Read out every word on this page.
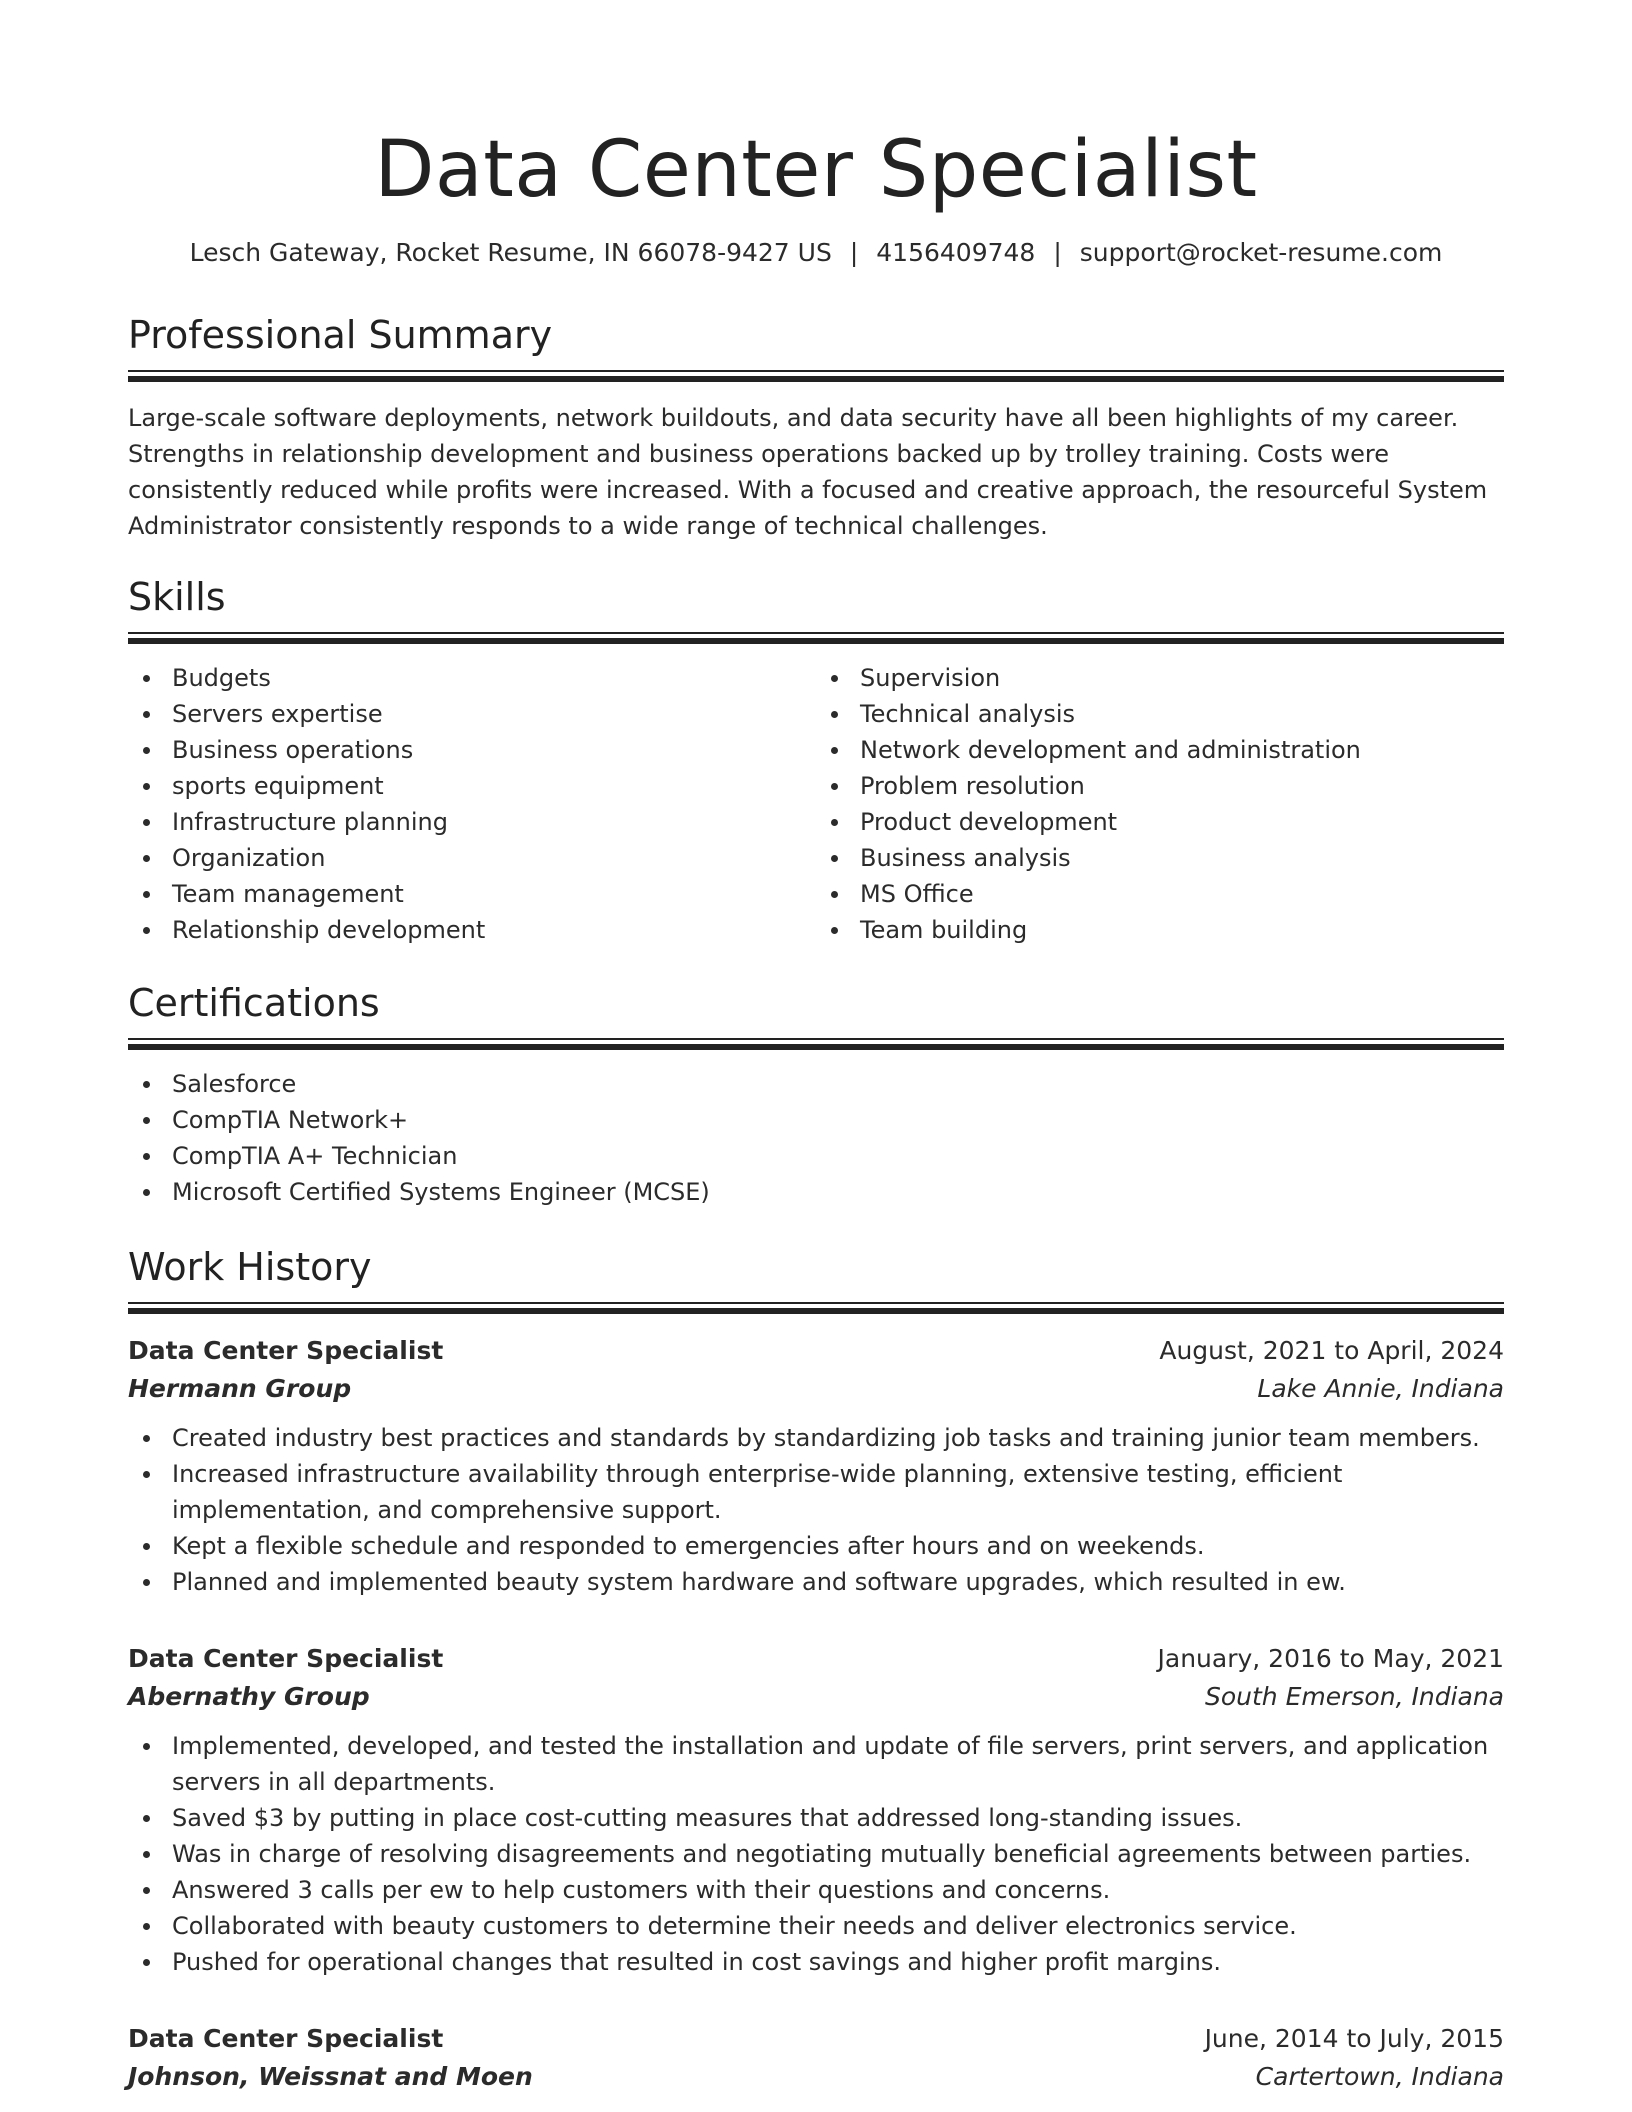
Data Center Specialist
Lesch Gateway, Rocket Resume, IN 66078-9427 US | 4156409748 | support@rocket-resume.com
Professional Summary

Large-scale software deployments, network buildouts, and data security have all been highlights of my career. Strengths in relationship development and business operations backed up by trolley training. Costs were consistently reduced while profits were increased. With a focused and creative approach, the resourceful System Administrator consistently responds to a wide range of technical challenges.

Skills
Budgets
Servers expertise
Business operations
sports equipment
Infrastructure planning
Organization
Team management
Relationship development
Supervision
Technical analysis
Network development and administration
Problem resolution
Product development
Business analysis
MS Office
Team building
Certifications
Salesforce
CompTIA Network+
CompTIA A+ Technician
Microsoft Certified Systems Engineer (MCSE)
Work History
Data Center Specialist	August, 2021 to April, 2024
Hermann Group	Lake Annie, Indiana
Created industry best practices and standards by standardizing job tasks and training junior team members.
Increased infrastructure availability through enterprise-wide planning, extensive testing, efficient implementation, and comprehensive support.
Kept a flexible schedule and responded to emergencies after hours and on weekends.
Planned and implemented beauty system hardware and software upgrades, which resulted in ew.
Data Center Specialist	January, 2016 to May, 2021
Abernathy Group	South Emerson, Indiana
Implemented, developed, and tested the installation and update of file servers, print servers, and application servers in all departments.
Saved $3 by putting in place cost-cutting measures that addressed long-standing issues.
Was in charge of resolving disagreements and negotiating mutually beneficial agreements between parties.
Answered 3 calls per ew to help customers with their questions and concerns.
Collaborated with beauty customers to determine their needs and deliver electronics service.
Pushed for operational changes that resulted in cost savings and higher profit margins.
Data Center Specialist	June, 2014 to July, 2015
Johnson, Weissnat and Moen	Cartertown, Indiana
